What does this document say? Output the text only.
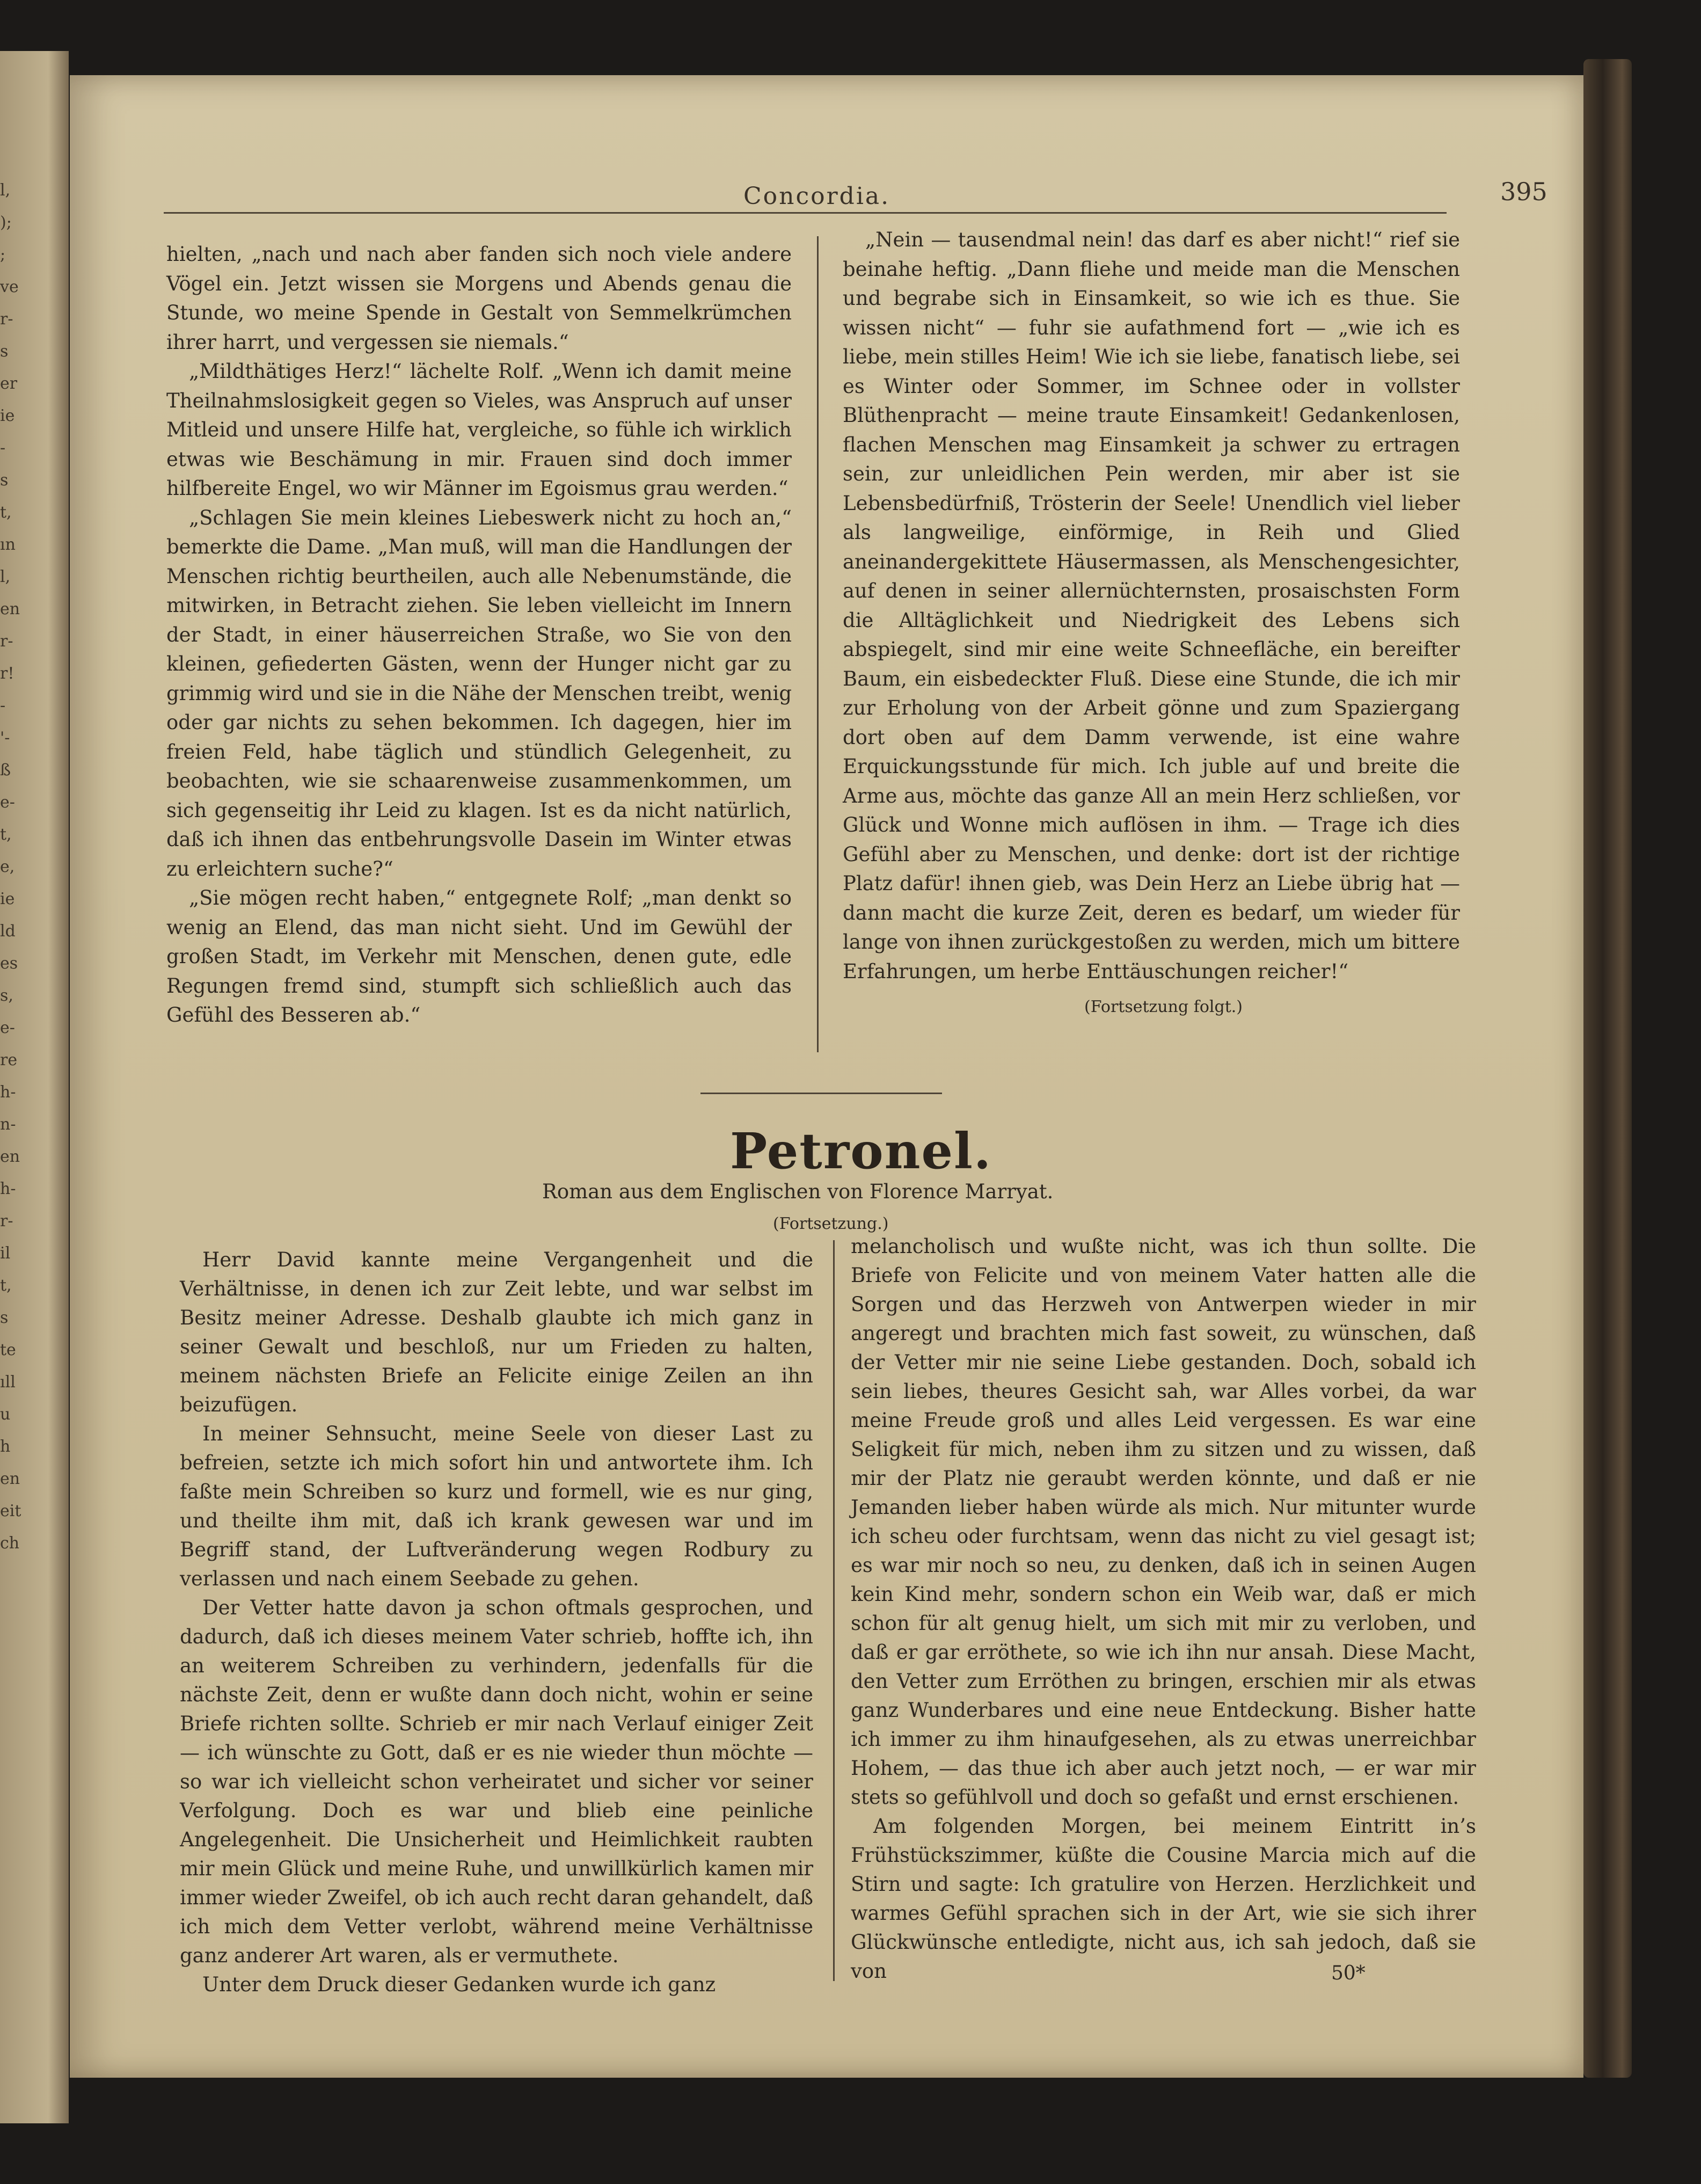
l,
);
;
ve
r-
s
er
ie
-
s
t,
ın
l,
en
r-
r!
-
'-
ß
e-
t,
e,
ie
ld
es
s,
e-
re
h-
n-
en
h-
r-
il
t,
s
te
ıll
u
h
en
eit
ch
Concordia.	395

hielten, „nach und nach aber fanden sich noch viele andere Vögel ein. Jetzt wissen sie Morgens und Abends genau die Stunde, wo meine Spende in Gestalt von Semmelkrümchen ihrer harrt, und vergessen sie niemals.“

„Mildthätiges Herz!“ lächelte Rolf. „Wenn ich damit meine Theilnahmslosigkeit gegen so Vieles, was Anspruch auf unser Mitleid und unsere Hilfe hat, vergleiche, so fühle ich wirklich etwas wie Beschämung in mir. Frauen sind doch immer hilfbereite Engel, wo wir Männer im Egoismus grau werden.“

„Schlagen Sie mein kleines Liebeswerk nicht zu hoch an,“ bemerkte die Dame. „Man muß, will man die Handlungen der Menschen richtig beurtheilen, auch alle Nebenumstände, die mitwirken, in Betracht ziehen. Sie leben vielleicht im Innern der Stadt, in einer häuserreichen Straße, wo Sie von den kleinen, gefiederten Gästen, wenn der Hunger nicht gar zu grimmig wird und sie in die Nähe der Menschen treibt, wenig oder gar nichts zu sehen bekommen. Ich dagegen, hier im freien Feld, habe täglich und stündlich Gelegenheit, zu beobachten, wie sie schaarenweise zusammenkommen, um sich gegenseitig ihr Leid zu klagen. Ist es da nicht natürlich, daß ich ihnen das entbehrungsvolle Dasein im Winter etwas zu erleichtern suche?“

„Sie mögen recht haben,“ entgegnete Rolf; „man denkt so wenig an Elend, das man nicht sieht. Und im Gewühl der großen Stadt, im Verkehr mit Menschen, denen gute, edle Regungen fremd sind, stumpft sich schließlich auch das Gefühl des Besseren ab.“

„Nein — tausendmal nein! das darf es aber nicht!“ rief sie beinahe heftig. „Dann fliehe und meide man die Menschen und begrabe sich in Einsamkeit, so wie ich es thue. Sie wissen nicht“ — fuhr sie aufathmend fort — „wie ich es liebe, mein stilles Heim! Wie ich sie liebe, fanatisch liebe, sei es Winter oder Sommer, im Schnee oder in vollster Blüthenpracht — meine traute Einsamkeit! Gedankenlosen, flachen Menschen mag Einsamkeit ja schwer zu ertragen sein, zur unleidlichen Pein werden, mir aber ist sie Lebensbedürfniß, Trösterin der Seele! Unendlich viel lieber als langweilige, einförmige, in Reih und Glied aneinandergekittete Häusermassen, als Menschengesichter, auf denen in seiner allernüchternsten, prosaischsten Form die Alltäglichkeit und Niedrigkeit des Lebens sich abspiegelt, sind mir eine weite Schneefläche, ein bereifter Baum, ein eisbedeckter Fluß. Diese eine Stunde, die ich mir zur Erholung von der Arbeit gönne und zum Spaziergang dort oben auf dem Damm verwende, ist eine wahre Erquickungsstunde für mich. Ich juble auf und breite die Arme aus, möchte das ganze All an mein Herz schließen, vor Glück und Wonne mich auflösen in ihm. — Trage ich dies Gefühl aber zu Menschen, und denke: dort ist der richtige Platz dafür! ihnen gieb, was Dein Herz an Liebe übrig hat — dann macht die kurze Zeit, deren es bedarf, um wieder für lange von ihnen zurückgestoßen zu werden, mich um bittere Erfahrungen, um herbe Enttäuschungen reicher!“

(Fortsetzung folgt.)
Petronel.
Roman aus dem Englischen von Florence Marryat.
(Fortsetzung.)

Herr David kannte meine Vergangenheit und die Verhältnisse, in denen ich zur Zeit lebte, und war selbst im Besitz meiner Adresse. Deshalb glaubte ich mich ganz in seiner Gewalt und beschloß, nur um Frieden zu halten, meinem nächsten Briefe an Felicite einige Zeilen an ihn beizufügen.

In meiner Sehnsucht, meine Seele von dieser Last zu befreien, setzte ich mich sofort hin und antwortete ihm. Ich faßte mein Schreiben so kurz und formell, wie es nur ging, und theilte ihm mit, daß ich krank gewesen war und im Begriff stand, der Luftveränderung wegen Rodbury zu verlassen und nach einem Seebade zu gehen.

Der Vetter hatte davon ja schon oftmals gesprochen, und dadurch, daß ich dieses meinem Vater schrieb, hoffte ich, ihn an weiterem Schreiben zu verhindern, jedenfalls für die nächste Zeit, denn er wußte dann doch nicht, wohin er seine Briefe richten sollte. Schrieb er mir nach Verlauf einiger Zeit — ich wünschte zu Gott, daß er es nie wieder thun möchte — so war ich vielleicht schon verheiratet und sicher vor seiner Verfolgung. Doch es war und blieb eine peinliche Angelegenheit. Die Unsicherheit und Heimlichkeit raubten mir mein Glück und meine Ruhe, und unwillkürlich kamen mir immer wieder Zweifel, ob ich auch recht daran gehandelt, daß ich mich dem Vetter verlobt, während meine Verhältnisse ganz anderer Art waren, als er vermuthete.

Unter dem Druck dieser Gedanken wurde ich ganz

melancholisch und wußte nicht, was ich thun sollte. Die Briefe von Felicite und von meinem Vater hatten alle die Sorgen und das Herzweh von Antwerpen wieder in mir angeregt und brachten mich fast soweit, zu wünschen, daß der Vetter mir nie seine Liebe gestanden. Doch, sobald ich sein liebes, theures Gesicht sah, war Alles vorbei, da war meine Freude groß und alles Leid vergessen. Es war eine Seligkeit für mich, neben ihm zu sitzen und zu wissen, daß mir der Platz nie geraubt werden könnte, und daß er nie Jemanden lieber haben würde als mich. Nur mitunter wurde ich scheu oder furchtsam, wenn das nicht zu viel gesagt ist; es war mir noch so neu, zu denken, daß ich in seinen Augen kein Kind mehr, sondern schon ein Weib war, daß er mich schon für alt genug hielt, um sich mit mir zu verloben, und daß er gar erröthete, so wie ich ihn nur ansah. Diese Macht, den Vetter zum Erröthen zu bringen, erschien mir als etwas ganz Wunderbares und eine neue Entdeckung. Bisher hatte ich immer zu ihm hinaufgesehen, als zu etwas unerreichbar Hohem, — das thue ich aber auch jetzt noch, — er war mir stets so gefühlvoll und doch so gefaßt und ernst erschienen.

Am folgenden Morgen, bei meinem Eintritt in’s Frühstückszimmer, küßte die Cousine Marcia mich auf die Stirn und sagte: Ich gratulire von Herzen. Herzlichkeit und warmes Gefühl sprachen sich in der Art, wie sie sich ihrer Glückwünsche entledigte, nicht aus, ich sah jedoch, daß sie von	50*
